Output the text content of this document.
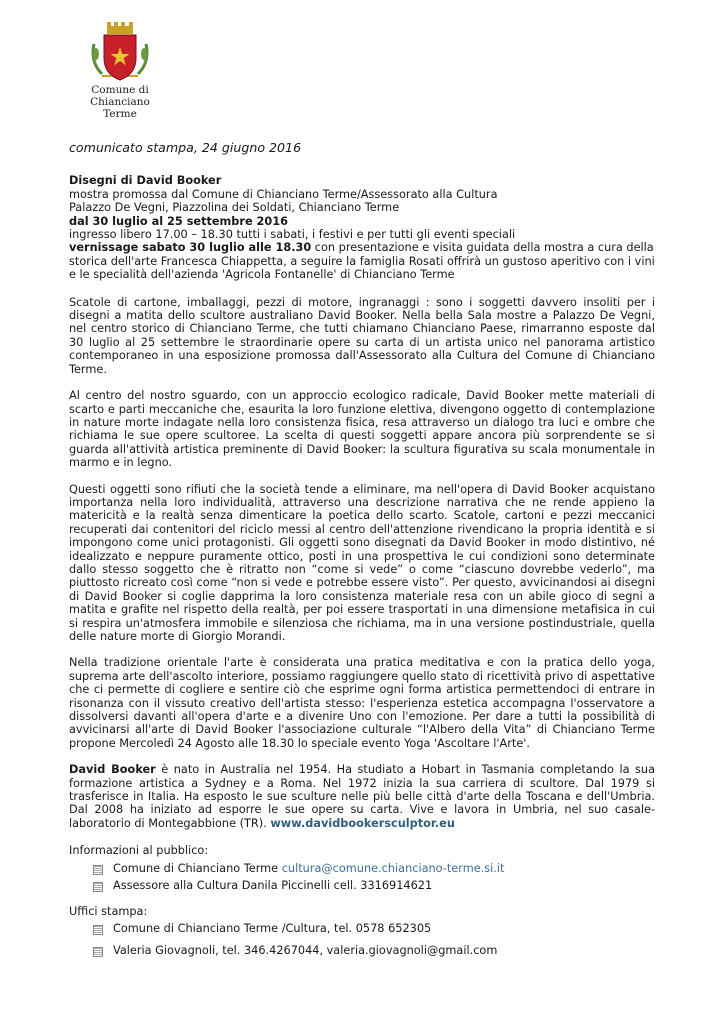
Comune di
Chianciano Terme

comunicato stampa, 24 giugno 2016

Disegni di David Booker

mostra promossa dal Comune di Chianciano Terme/Assessorato alla Cultura

Palazzo De Vegni, Piazzolina dei Soldati, Chianciano Terme

dal 30 luglio al 25 settembre 2016

ingresso libero 17.00 – 18.30 tutti i sabati, i festivi e per tutti gli eventi speciali

vernissage sabato 30 luglio alle 18.30 con presentazione e visita guidata della mostra a cura della storica dell'arte Francesca Chiappetta, a seguire la famiglia Rosati offrirà un gustoso aperitivo con i vini e le specialità dell'azienda 'Agricola Fontanelle' di Chianciano Terme

Scatole di cartone, imballaggi, pezzi di motore, ingranaggi : sono i soggetti davvero insoliti per i disegni a matita dello scultore australiano David Booker. Nella bella Sala mostre a Palazzo De Vegni, nel centro storico di Chianciano Terme, che tutti chiamano Chianciano Paese, rimarranno esposte dal 30 luglio al 25 settembre le straordinarie opere su carta di un artista unico nel panorama artistico contemporaneo in una esposizione promossa dall'Assessorato alla Cultura del Comune di Chianciano Terme.

Al centro del nostro sguardo, con un approccio ecologico radicale, David Booker mette materiali di scarto e parti meccaniche che, esaurita la loro funzione elettiva, divengono oggetto di contemplazione in nature morte indagate nella loro consistenza fisica, resa attraverso un dialogo tra luci e ombre che richiama le sue opere scultoree. La scelta di questi soggetti appare ancora più sorprendente se si guarda all'attività artistica preminente di David Booker: la scultura figurativa su scala monumentale in marmo e in legno.

Questi oggetti sono rifiuti che la società tende a eliminare, ma nell'opera di David Booker acquistano importanza nella loro individualità, attraverso una descrizione narrativa che ne rende appieno la matericità e la realtà senza dimenticare la poetica dello scarto. Scatole, cartoni e pezzi meccanici recuperati dai contenitori del riciclo messi al centro dell'attenzione rivendicano la propria identità e si impongono come unici protagonisti. Gli oggetti sono disegnati da David Booker in modo distintivo, né idealizzato e neppure puramente ottico, posti in una prospettiva le cui condizioni sono determinate dallo stesso soggetto che è ritratto non “come si vede” o come “ciascuno dovrebbe vederlo”, ma piuttosto ricreato così come “non si vede e potrebbe essere visto”. Per questo, avvicinandosi ai disegni di David Booker si coglie dapprima la loro consistenza materiale resa con un abile gioco di segni a matita e grafite nel rispetto della realtà, per poi essere trasportati in una dimensione metafisica in cui si respira un'atmosfera immobile e silenziosa che richiama, ma in una versione postindustriale, quella delle nature morte di Giorgio Morandi.

Nella tradizione orientale l'arte è considerata una pratica meditativa e con la pratica dello yoga, suprema arte dell'ascolto interiore, possiamo raggiungere quello stato di ricettività privo di aspettative che ci permette di cogliere e sentire ciò che esprime ogni forma artistica permettendoci di entrare in risonanza con il vissuto creativo dell'artista stesso: l'esperienza estetica accompagna l'osservatore a dissolversi davanti all'opera d'arte e a divenire Uno con l'emozione. Per dare a tutti la possibilità di avvicinarsi all'arte di David Booker l'associazione culturale “l'Albero della Vita” di Chianciano Terme propone Mercoledì 24 Agosto alle 18.30 lo speciale evento Yoga 'Ascoltare l'Arte'.

David Booker è nato in Australia nel 1954. Ha studiato a Hobart in Tasmania completando la sua formazione artistica a Sydney e a Roma. Nel 1972 inizia la sua carriera di scultore. Dal 1979 si trasferisce in Italia. Ha esposto le sue sculture nelle più belle città d'arte della Toscana e dell'Umbria. Dal 2008 ha iniziato ad esporre le sue opere su carta. Vive e lavora in Umbria, nel suo casale-laboratorio di Montegabbione (TR). www.davidbookersculptor.eu

Informazioni al pubblico:

Comune di Chianciano Terme cultura@comune.chianciano-terme.si.it
Assessore alla Cultura Danila Piccinelli cell. 3316914621

Uffici stampa:

Comune di Chianciano Terme /Cultura, tel. 0578 652305
Valeria Giovagnoli, tel. 346.4267044, valeria.giovagnoli@gmail.com
